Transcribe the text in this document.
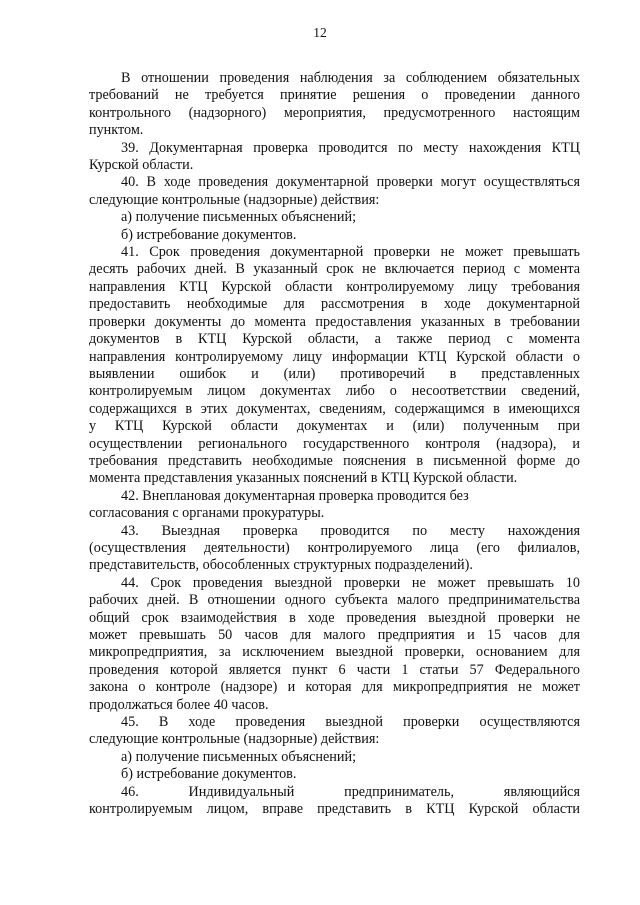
12

В отношении проведения наблюдения за соблюдением обязательных
требований не требуется принятие решения о проведении данного
контрольного (надзорного) мероприятия, предусмотренного настоящим
пунктом.

39. Документарная проверка проводится по месту нахождения КТЦ
Курской области.

40. В ходе проведения документарной проверки могут осуществляться
следующие контрольные (надзорные) действия:

а) получение письменных объяснений;

б) истребование документов.

41. Срок проведения документарной проверки не может превышать
десять рабочих дней. В указанный срок не включается период с момента
направления КТЦ Курской области контролируемому лицу требования
предоставить необходимые для рассмотрения в ходе документарной
проверки документы до момента предоставления указанных в требовании
документов в КТЦ Курской области, а также период с момента
направления контролируемому лицу информации КТЦ Курской области о
выявлении ошибок и (или) противоречий в представленных
контролируемым лицом документах либо о несоответствии сведений,
содержащихся в этих документах, сведениям, содержащимся в имеющихся
у КТЦ Курской области документах и (или) полученным при
осуществлении регионального государственного контроля (надзора), и
требования представить необходимые пояснения в письменной форме до
момента представления указанных пояснений в КТЦ Курской области.

42. Внеплановая документарная проверка проводится без
согласования с органами прокуратуры.

43. Выездная проверка проводится по месту нахождения
(осуществления деятельности) контролируемого лица (его филиалов,
представительств, обособленных структурных подразделений).

44. Срок проведения выездной проверки не может превышать 10
рабочих дней. В отношении одного субъекта малого предпринимательства
общий срок взаимодействия в ходе проведения выездной проверки не
может превышать 50 часов для малого предприятия и 15 часов для
микропредприятия, за исключением выездной проверки, основанием для
проведения которой является пункт 6 части 1 статьи 57 Федерального
закона о контроле (надзоре) и которая для микропредприятия не может
продолжаться более 40 часов.

45. В ходе проведения выездной проверки осуществляются
следующие контрольные (надзорные) действия:

а) получение письменных объяснений;

б) истребование документов.

46. Индивидуальный предприниматель, являющийся
контролируемым лицом, вправе представить в КТЦ Курской области
